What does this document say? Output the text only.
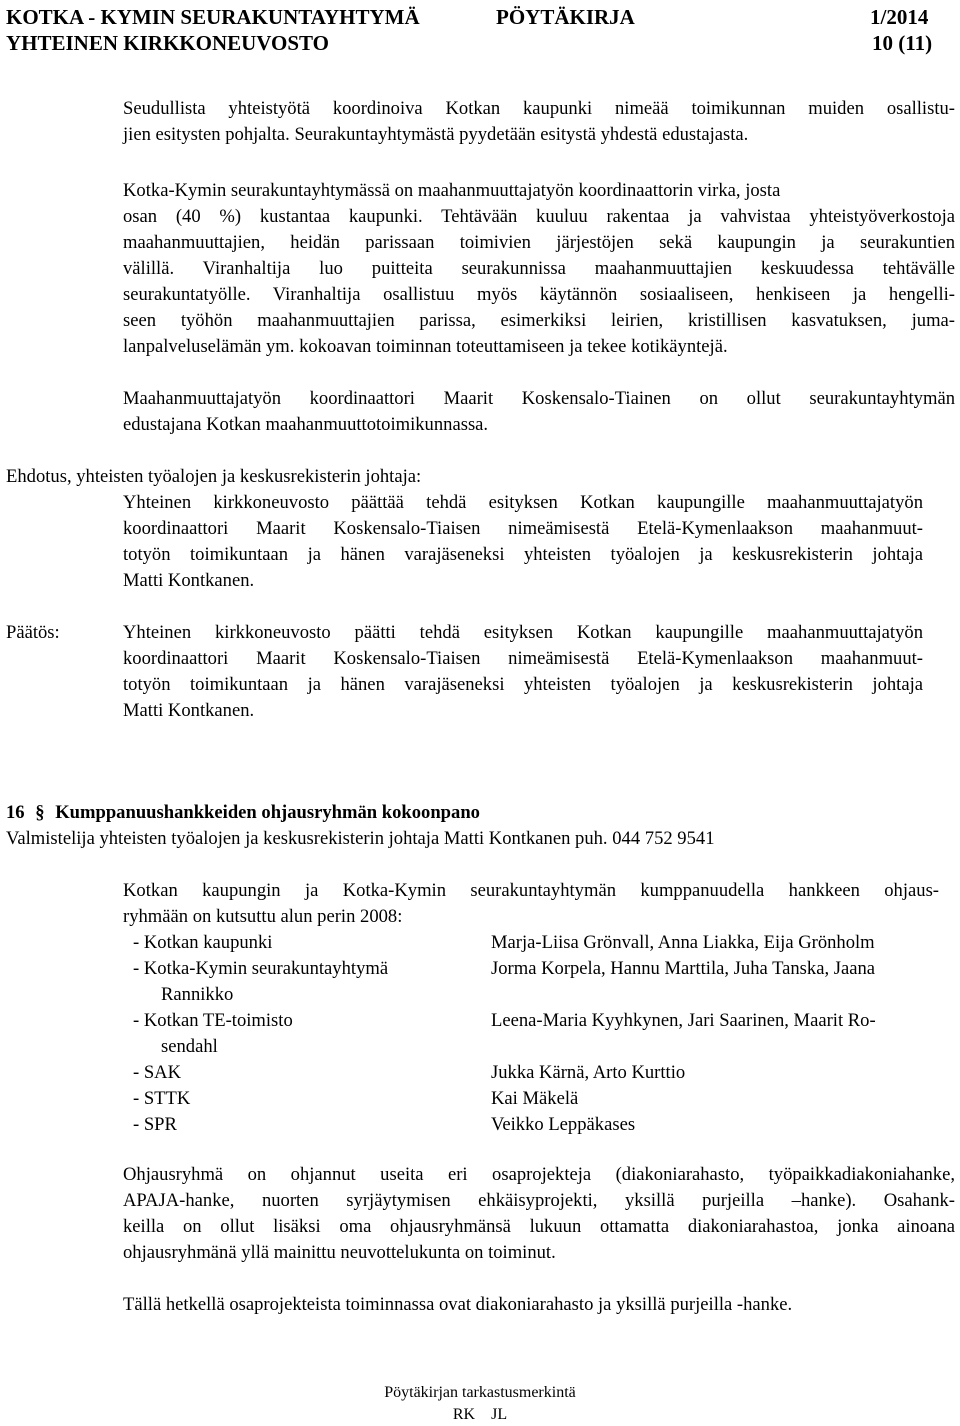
KOTKA - KYMIN SEURAKUNTAYHTYMÄ	PÖYTÄKIRJA	1/2014
YHTEINEN KIRKKONEUVOSTO	10 (11)
Seudullista yhteistyötä koordinoiva Kotkan kaupunki nimeää toimikunnan muiden osallistu-
jien esitysten pohjalta. Seurakuntayhtymästä pyydetään esitystä yhdestä edustajasta.
Kotka-Kymin seurakuntayhtymässä on maahanmuuttajatyön koordinaattorin virka, josta
osan (40 %) kustantaa kaupunki. Tehtävään kuuluu rakentaa ja vahvistaa yhteistyöverkostoja
maahanmuuttajien, heidän parissaan toimivien järjestöjen sekä kaupungin ja seurakuntien
välillä. Viranhaltija luo puitteita seurakunnissa maahanmuuttajien keskuudessa tehtävälle
seurakuntatyölle. Viranhaltija osallistuu myös käytännön sosiaaliseen, henkiseen ja hengelli-
seen työhön maahanmuuttajien parissa, esimerkiksi leirien, kristillisen kasvatuksen, juma-
lanpalveluselämän ym. kokoavan toiminnan toteuttamiseen ja tekee kotikäyntejä.
Maahanmuuttajatyön koordinaattori Maarit Koskensalo-Tiainen on ollut seurakuntayhtymän
edustajana Kotkan maahanmuuttotoimikunnassa.
Ehdotus, yhteisten työalojen ja keskusrekisterin johtaja:
Yhteinen kirkkoneuvosto päättää tehdä esityksen Kotkan kaupungille maahanmuuttajatyön
koordinaattori Maarit Koskensalo-Tiaisen nimeämisestä Etelä-Kymenlaakson maahanmuut-
totyön toimikuntaan ja hänen varajäseneksi yhteisten työalojen ja keskusrekisterin johtaja
Matti Kontkanen.
Päätös:	Yhteinen kirkkoneuvosto päätti tehdä esityksen Kotkan kaupungille maahanmuuttajatyön
koordinaattori Maarit Koskensalo-Tiaisen nimeämisestä Etelä-Kymenlaakson maahanmuut-
totyön toimikuntaan ja hänen varajäseneksi yhteisten työalojen ja keskusrekisterin johtaja
Matti Kontkanen.
16 § Kumppanuushankkeiden ohjausryhmän kokoonpano
Valmistelija yhteisten työalojen ja keskusrekisterin johtaja Matti Kontkanen puh. 044 752 9541
Kotkan kaupungin ja Kotka-Kymin seurakuntayhtymän kumppanuudella hankkeen ohjaus-
ryhmään on kutsuttu alun perin 2008:
- Kotkan kaupunki	Marja-Liisa Grönvall, Anna Liakka, Eija Grönholm
- Kotka-Kymin seurakuntayhtymä	Jorma Korpela, Hannu Marttila, Juha Tanska, Jaana
Rannikko
- Kotkan TE-toimisto	Leena-Maria Kyyhkynen, Jari Saarinen, Maarit Ro-
sendahl
- SAK	Jukka Kärnä, Arto Kurttio
- STTK	Kai Mäkelä
- SPR	Veikko Leppäkases
Ohjausryhmä on ohjannut useita eri osaprojekteja (diakoniarahasto, työpaikkadiakoniahanke,
APAJA-hanke, nuorten syrjäytymisen ehkäisyprojekti, yksillä purjeilla –hanke). Osahank-
keilla on ollut lisäksi oma ohjausryhmänsä lukuun ottamatta diakoniarahastoa, jonka ainoana
ohjausryhmänä yllä mainittu neuvottelukunta on toiminut.
Tällä hetkellä osaprojekteista toiminnassa ovat diakoniarahasto ja yksillä purjeilla -hanke.
Pöytäkirjan tarkastusmerkintä
RK    JL
